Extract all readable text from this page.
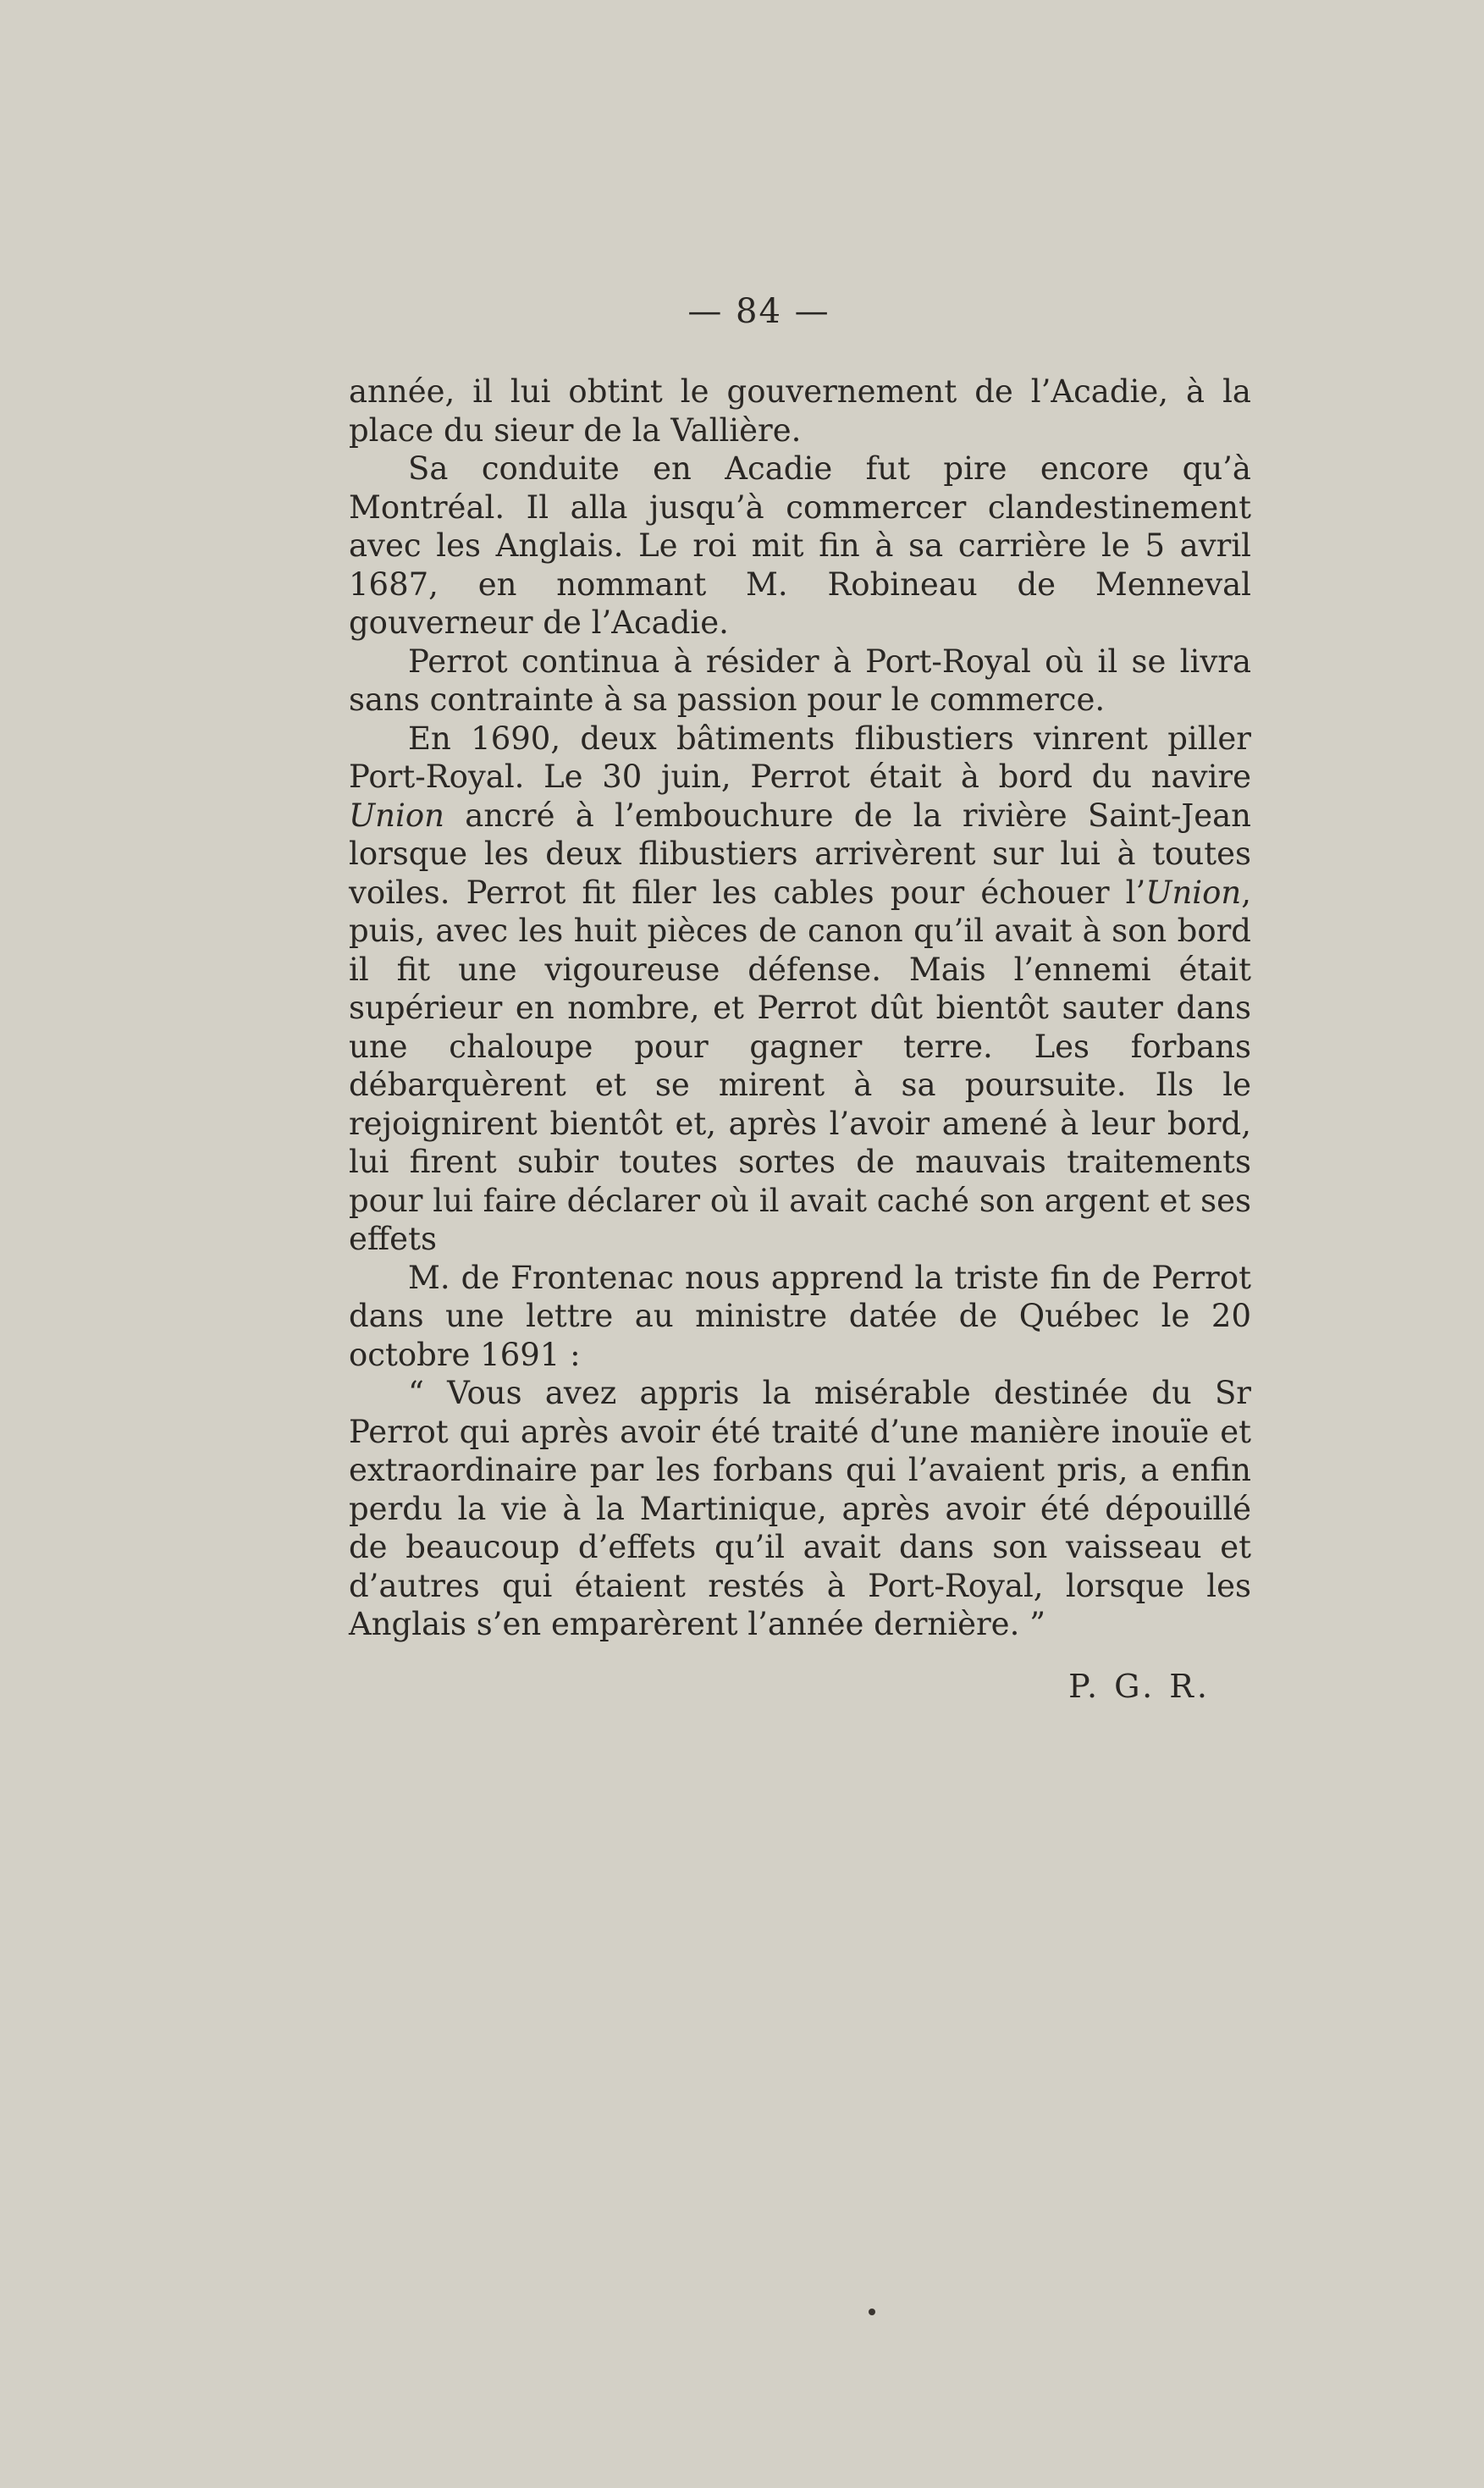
— 84 —

année, il lui obtint le gouvernement de l’Acadie, à la place du sieur de la Vallière.

Sa conduite en Acadie fut pire encore qu’à Montréal. Il alla jusqu’à commercer clandestinement avec les Anglais. Le roi mit fin à sa carrière le 5 avril 1687, en nommant M. Robineau de Menneval gouverneur de l’Acadie.

Perrot continua à résider à Port-Royal où il se livra sans contrainte à sa passion pour le commerce.

En 1690, deux bâtiments flibustiers vinrent piller Port-Royal. Le 30 juin, Perrot était à bord du navire Union ancré à l’embouchure de la rivière Saint-Jean lorsque les deux flibustiers arrivèrent sur lui à toutes voiles. Perrot fit filer les cables pour échouer l’Union, puis, avec les huit pièces de canon qu’il avait à son bord il fit une vigoureuse défense. Mais l’ennemi était supérieur en nombre, et Perrot dût bientôt sauter dans une chaloupe pour gagner terre. Les forbans débarquèrent et se mirent à sa poursuite. Ils le rejoignirent bientôt et, après l’avoir amené à leur bord, lui firent subir toutes sortes de mauvais traitements pour lui faire déclarer où il avait caché son argent et ses effets

M. de Frontenac nous apprend la triste fin de Perrot dans une lettre au ministre datée de Québec le 20 octobre 1691 :

“ Vous avez appris la misérable destinée du Sr Perrot qui après avoir été traité d’une manière inouïe et extraordinaire par les forbans qui l’avaient pris, a enfin perdu la vie à la Martinique, après avoir été dépouillé de beaucoup d’effets qu’il avait dans son vaisseau et d’autres qui étaient restés à Port-Royal, lorsque les Anglais s’en emparèrent l’année dernière. ”

P. G. R.
